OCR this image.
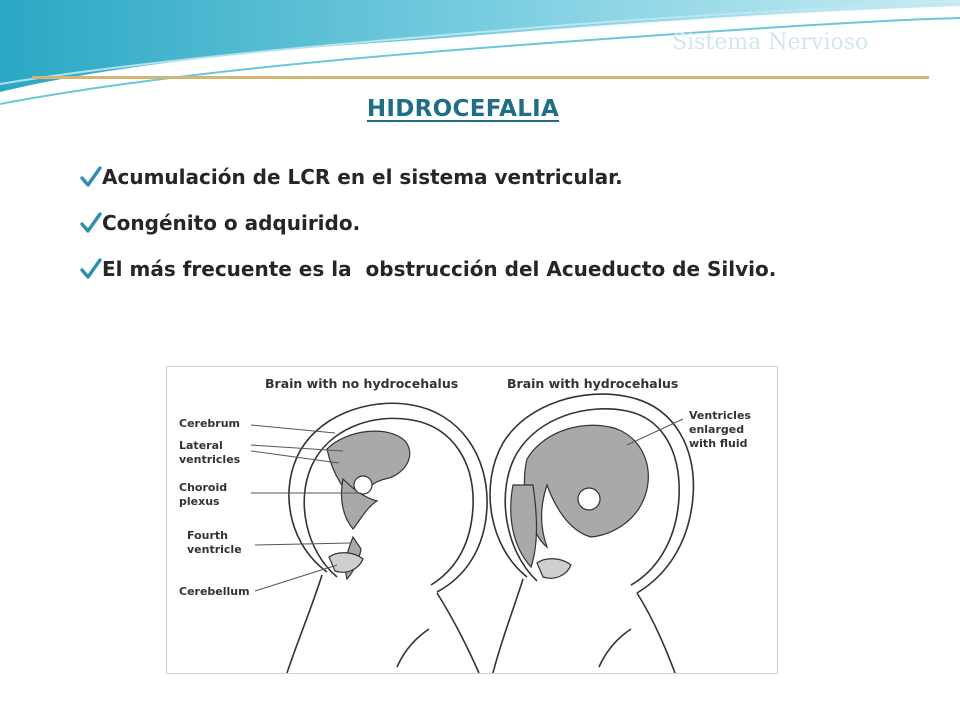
Sistema Nervioso
HIDROCEFALIA
Acumulación de LCR en el sistema ventricular.
Congénito o adquirido.
El más frecuente es la  obstrucción del Acueducto de Silvio.
Brain with no hydrocehalus	Brain with hydrocehalus
Cerebrum
Lateral
ventricles
Choroid
plexus
Fourth
ventricle
Cerebellum
Ventricles
enlarged
with fluid
